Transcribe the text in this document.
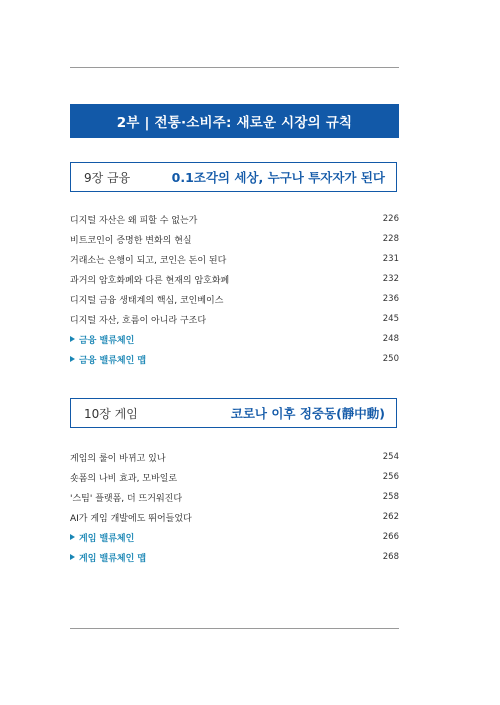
2부 | 전통·소비주: 새로운 시장의 규칙
9장 금융	0.1조각의 세상, 누구나 투자자가 된다
디지털 자산은 왜 피할 수 없는가	226
비트코인이 증명한 변화의 현실	228
거래소는 은행이 되고, 코인은 돈이 된다	231
과거의 암호화폐와 다른 현재의 암호화폐	232
디지털 금융 생태계의 핵심, 코인베이스	236
디지털 자산, 흐름이 아니라 구조다	245
금융 밸류체인	248
금융 밸류체인 맵	250
10장 게임	코로나 이후 정중동(靜中動)
게임의 룰이 바뀌고 있나	254
숏폼의 나비 효과, 모바일로	256
'스팀' 플랫폼, 더 뜨거워진다	258
AI가 게임 개발에도 뛰어들었다	262
게임 밸류체인	266
게임 밸류체인 맵	268
